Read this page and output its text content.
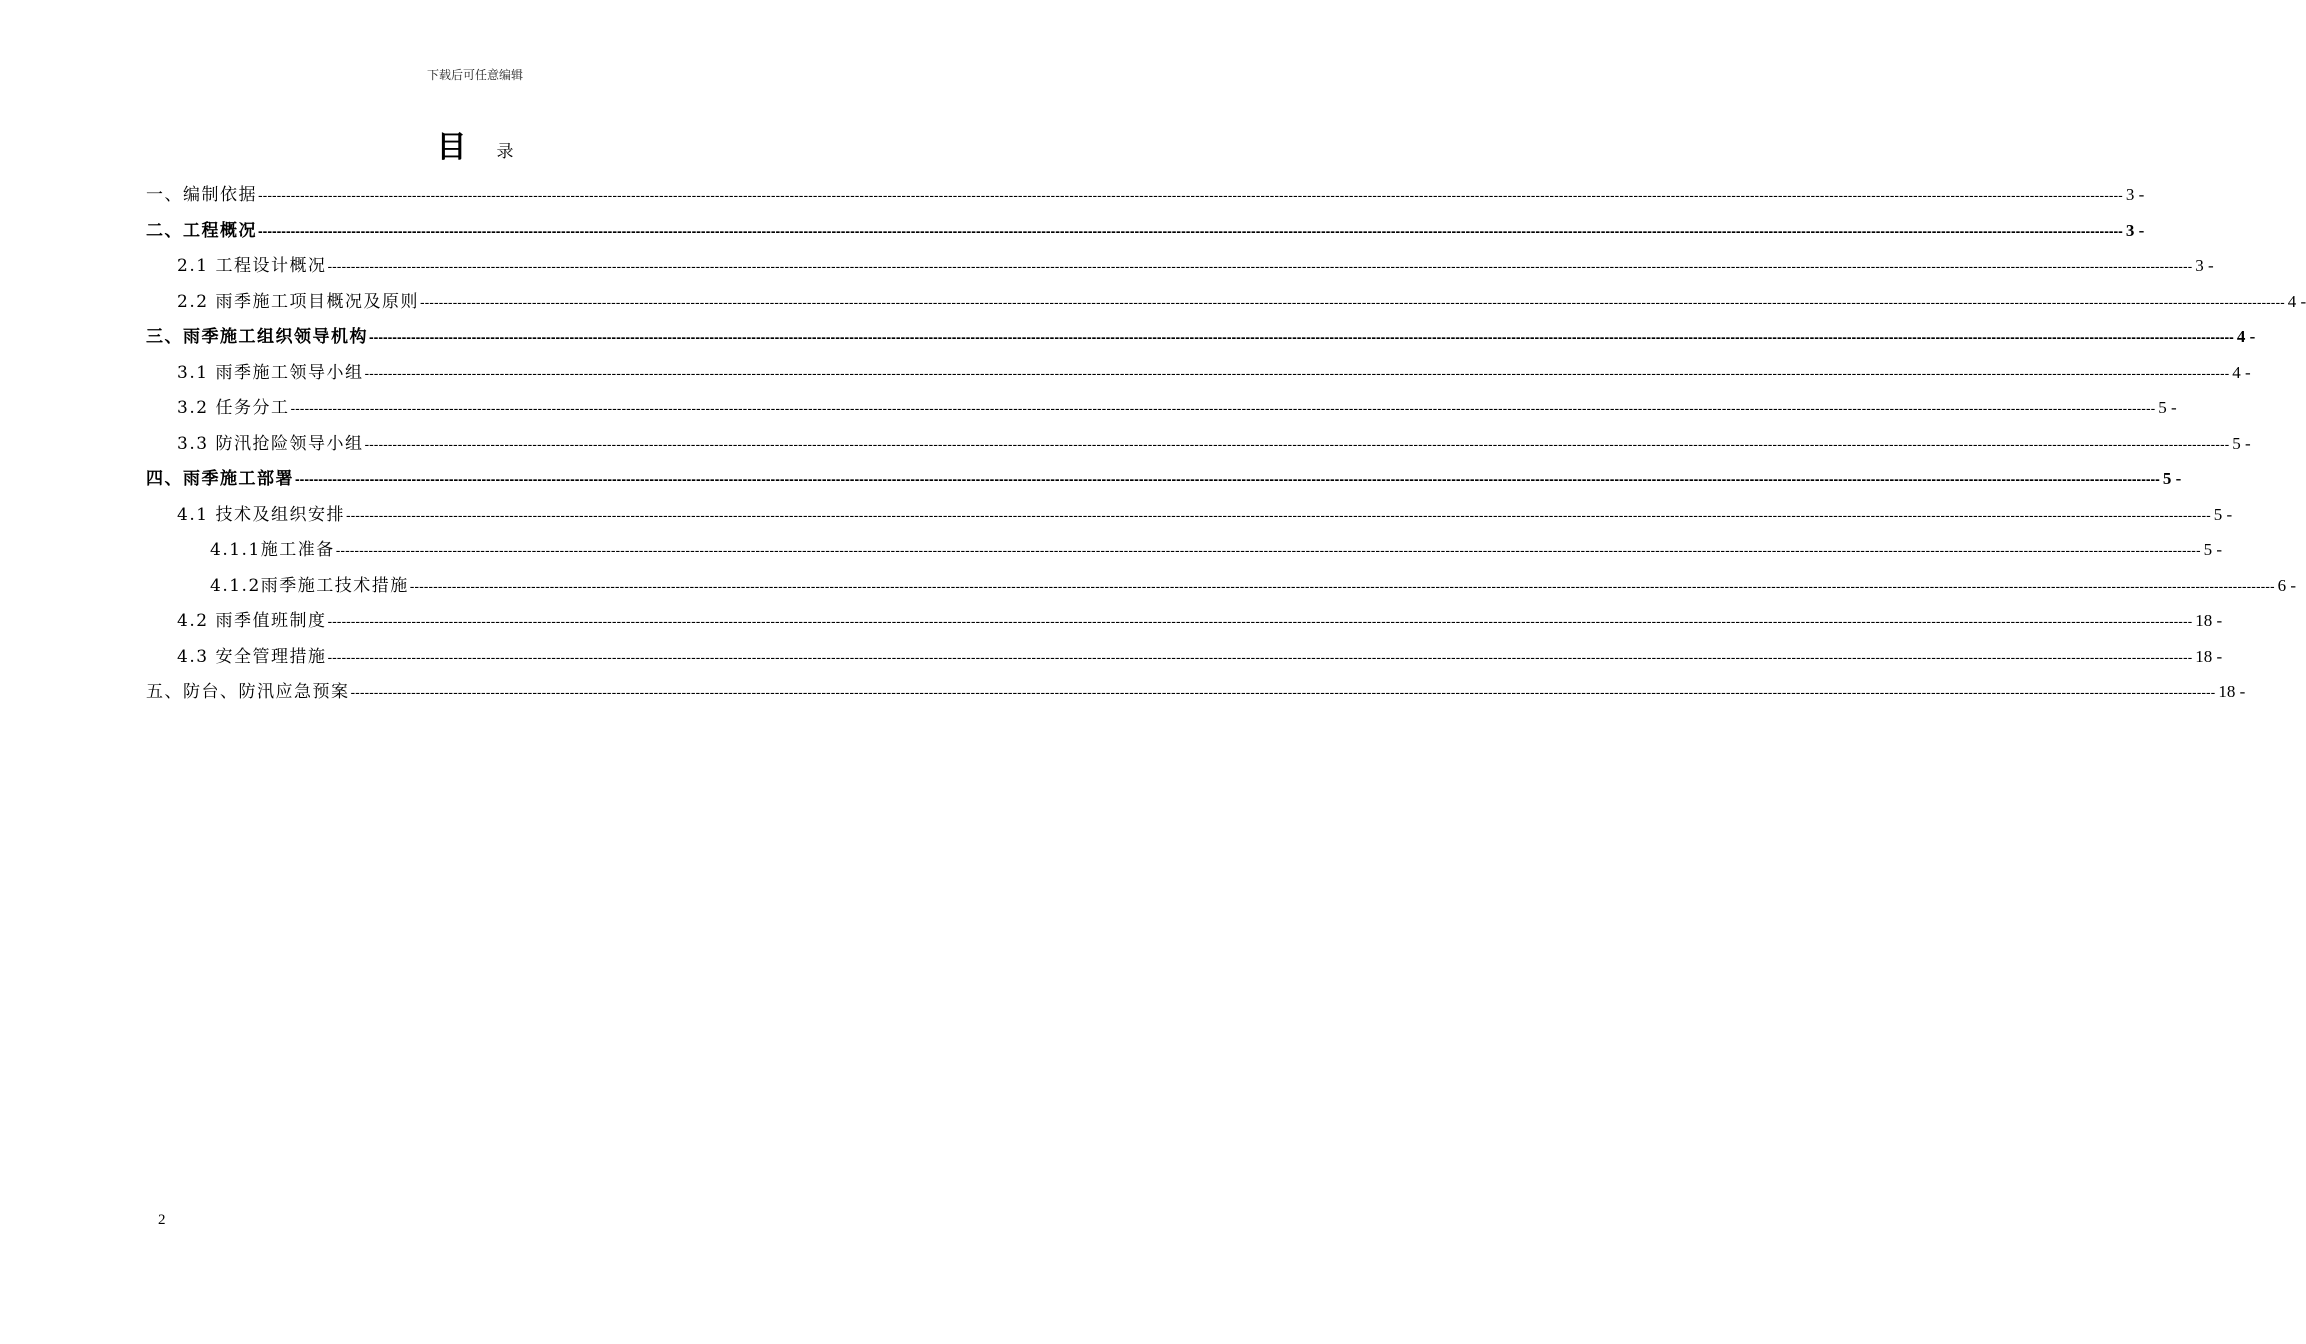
下载后可任意编辑
目 录
一、编制依据 ---------------------------------------------------------------------------------------------------------------------------------------------------------------------------------------------------------------------------------------------------------------------------------------------------------------------------------------------------------------------------------------------------------------- 3 -
二、工程概况 ---------------------------------------------------------------------------------------------------------------------------------------------------------------------------------------------------------------------------------------------------------------------------------------------------------------------------------------------------------------------------------------------------------------- 3 -
2.1 工程设计概况 ---------------------------------------------------------------------------------------------------------------------------------------------------------------------------------------------------------------------------------------------------------------------------------------------------------------------------------------------------------------------------------------------------------------- 3 -
2.2 雨季施工项目概况及原则 ---------------------------------------------------------------------------------------------------------------------------------------------------------------------------------------------------------------------------------------------------------------------------------------------------------------------------------------------------------------------------------------------------------------- 4 -
三、雨季施工组织领导机构 ---------------------------------------------------------------------------------------------------------------------------------------------------------------------------------------------------------------------------------------------------------------------------------------------------------------------------------------------------------------------------------------------------------------- 4 -
3.1 雨季施工领导小组 ---------------------------------------------------------------------------------------------------------------------------------------------------------------------------------------------------------------------------------------------------------------------------------------------------------------------------------------------------------------------------------------------------------------- 4 -
3.2 任务分工 ---------------------------------------------------------------------------------------------------------------------------------------------------------------------------------------------------------------------------------------------------------------------------------------------------------------------------------------------------------------------------------------------------------------- 5 -
3.3 防汛抢险领导小组 ---------------------------------------------------------------------------------------------------------------------------------------------------------------------------------------------------------------------------------------------------------------------------------------------------------------------------------------------------------------------------------------------------------------- 5 -
四、雨季施工部署 ---------------------------------------------------------------------------------------------------------------------------------------------------------------------------------------------------------------------------------------------------------------------------------------------------------------------------------------------------------------------------------------------------------------- 5 -
4.1 技术及组织安排 ---------------------------------------------------------------------------------------------------------------------------------------------------------------------------------------------------------------------------------------------------------------------------------------------------------------------------------------------------------------------------------------------------------------- 5 -
4.1.1施工准备 ---------------------------------------------------------------------------------------------------------------------------------------------------------------------------------------------------------------------------------------------------------------------------------------------------------------------------------------------------------------------------------------------------------------- 5 -
4.1.2雨季施工技术措施 ---------------------------------------------------------------------------------------------------------------------------------------------------------------------------------------------------------------------------------------------------------------------------------------------------------------------------------------------------------------------------------------------------------------- 6 -
4.2 雨季值班制度 ---------------------------------------------------------------------------------------------------------------------------------------------------------------------------------------------------------------------------------------------------------------------------------------------------------------------------------------------------------------------------------------------------------------- 18 -
4.3 安全管理措施 ---------------------------------------------------------------------------------------------------------------------------------------------------------------------------------------------------------------------------------------------------------------------------------------------------------------------------------------------------------------------------------------------------------------- 18 -
五、防台、防汛应急预案 ---------------------------------------------------------------------------------------------------------------------------------------------------------------------------------------------------------------------------------------------------------------------------------------------------------------------------------------------------------------------------------------------------------------- 18 -
2
